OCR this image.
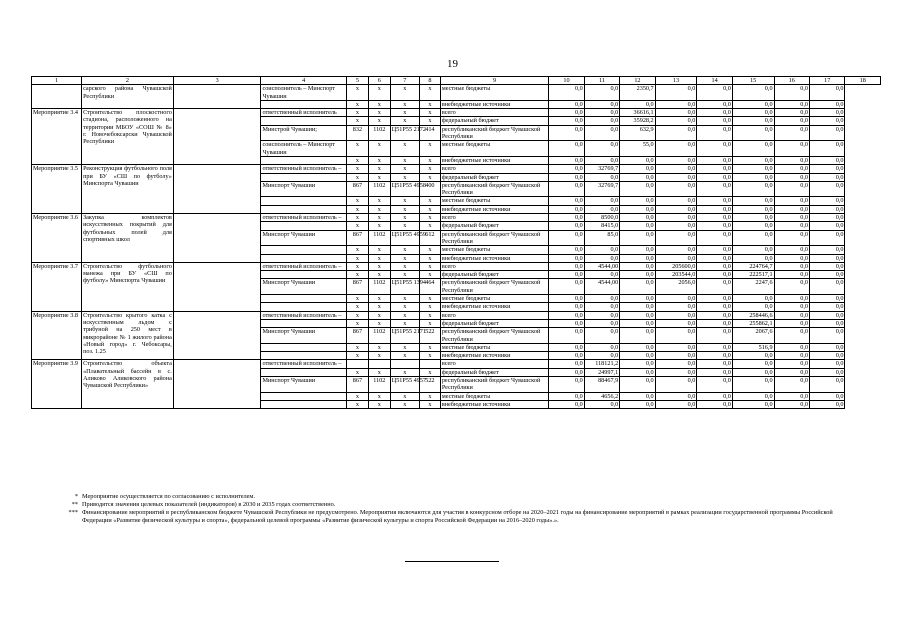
19
1	2	3	4	5	6	7	8	9	10	11	12	13	14	15	16	17	18
	сарского района Чувашской Республики		соисполнитель – Минспорт Чувашии	x	x	x	x	местные бюджеты	0,0	0,0	2350,7	0,0	0,0	0,0	0,0	0,0	
				x	x	x	x	внебюджетные источники	0,0	0,0	0,0	0,0	0,0	0,0	0,0	0,0	
Мероприятие 3.4	Строительство плоскостного стадиона, расположенного на территории МБОУ «СОШ № 8» г. Новочебоксарски Чувашской Республики		ответственный исполнитель	x	x	x	x	всего	0,0	0,0	36616,1	0,0	0,0	0,0	0,0	0,0	
				x	x	x	x	федеральный бюджет	0,0	0,0	35928,2	0,0	0,0	0,0	0,0	0,0	
			Минстрой Чувашии;	832	1102	Ц51Р55 2172	414	республиканский бюджет Чувашской Республики	0,0	0,0	632,9	0,0	0,0	0,0	0,0	0,0	
			соисполнитель – Минспорт Чувашии	x	x	x	x	местные бюджеты	0,0	0,0	55,0	0,0	0,0	0,0	0,0	0,0	
				x	x	x	x	внебюджетные источники	0,0	0,0	0,0	0,0	0,0	0,0	0,0	0,0	
Мероприятие 3.5	Реконструкция футбольного поля при БУ «СШ по футболу» Минспорта Чувашии		ответственный исполнитель –	x	x	x	x	всего	0,0	32769,7	0,0	0,0	0,0	0,0	0,0	0,0	
				x	x	x	x	федеральный бюджет	0,0	0,0	0,0	0,0	0,0	0,0	0,0	0,0	
			Минспорт Чувашии	867	1102	Ц51Р55 4958	400	республиканский бюджет Чувашской Республики	0,0	32769,7	0,0	0,0	0,0	0,0	0,0	0,0	
				x	x	x	x	местные бюджеты	0,0	0,0	0,0	0,0	0,0	0,0	0,0	0,0	
				x	x	x	x	внебюджетные источники	0,0	0,0	0,0	0,0	0,0	0,0	0,0	0,0	
Мероприятие 3.6	Закупка комплектов искусственных покрытий для футбольных полей для спортивных школ		ответственный исполнитель –	x	x	x	x	всего	0,0	8500,0	0,0	0,0	0,0	0,0	0,0	0,0	
				x	x	x	x	федеральный бюджет	0,0	8415,0	0,0	0,0	0,0	0,0	0,0	0,0	
			Минспорт Чувашии	867	1102	Ц51Р55 4959	612	республиканский бюджет Чувашской Республики	0,0	85,0	0,0	0,0	0,0	0,0	0,0	0,0	
				x	x	x	x	местные бюджеты	0,0	0,0	0,0	0,0	0,0	0,0	0,0	0,0	
				x	x	x	x	внебюджетные источники	0,0	0,0	0,0	0,0	0,0	0,0	0,0	0,0	
Мероприятие 3.7	Строительство футбольного манежа при БУ «СШ по футболу» Минспорта Чувашии		ответственный исполнитель –	x	x	x	x	всего	0,0	4544,00	0,0	205600,0	0,0	224764,7	0,0	0,0	
				x	x	x	x	федеральный бюджет	0,0	0,0	0,0	203544,0	0,0	222517,1	0,0	0,0	
			Минспорт Чувашии	867	1102	Ц51Р55 1394	464	республиканский бюджет Чувашской Республики	0,0	4544,00	0,0	2056,0	0,0	2247,6	0,0	0,0	
				x	x	x	x	местные бюджеты	0,0	0,0	0,0	0,0	0,0	0,0	0,0	0,0	
				x	x	x	x	внебюджетные источники	0,0	0,0	0,0	0,0	0,0	0,0	0,0	0,0	
Мероприятие 3.8	Строительство крытого катка с искусственным льдом с трибуной на 250 мест в микрорайоне № 1 жилого района «Новый город» г. Чебоксары, поз. 1.25		ответственный исполнитель –	x	x	x	x	всего	0,0	0,0	0,0	0,0	0,0	258446,6	0,0	0,0	
				x	x	x	x	федеральный бюджет	0,0	0,0	0,0	0,0	0,0	255862,1	0,0	0,0	
			Минспорт Чувашии	867	1102	Ц51Р55 2171	522	республиканский бюджет Чувашской Республики	0,0	0,0	0,0	0,0	0,0	2067,6	0,0	0,0	
				x	x	x	x	местные бюджеты	0,0	0,0	0,0	0,0	0,0	516,9	0,0	0,0	
				x	x	x	x	внебюджетные источники	0,0	0,0	0,0	0,0	0,0	0,0	0,0	0,0	
Мероприятие 3.9	Строительство объекта «Плавательный бассейн в с. Аликово Аликовского района Чувашской Республики»		ответственный исполнитель –					всего	0,0	118121,2	0,0	0,0	0,0	0,0	0,0	0,0	
				x	x	x	x	федеральный бюджет	0,0	24997,1	0,0	0,0	0,0	0,0	0,0	0,0	
			Минспорт Чувашии	867	1102	Ц51Р55 4957	522	республиканский бюджет Чувашской Республики	0,0	88467,9	0,0	0,0	0,0	0,0	0,0	0,0	
				x	x	x	x	местные бюджеты	0,0	4656,2	0,0	0,0	0,0	0,0	0,0	0,0	
				x	x	x	x	внебюджетные источники	0,0	0,0	0,0	0,0	0,0	0,0	0,0	0,0	
* Мероприятие осуществляется по согласованию с исполнителем.
** Приводятся значения целевых показателей (индикаторов) в 2030 и 2035 годах соответственно.
*** Финансирование мероприятий в республиканском бюджете Чувашской Республики не предусмотрено. Мероприятия включаются для участия в конкурсном отборе на 2020–2021 годы на финансирование мероприятий в рамках реализации государственной программы Российской Федерации «Развитие физической культуры и спорта», федеральной целевой программы «Развитие физической культуры и спорта Российской Федерации на 2016–2020 годы».».
